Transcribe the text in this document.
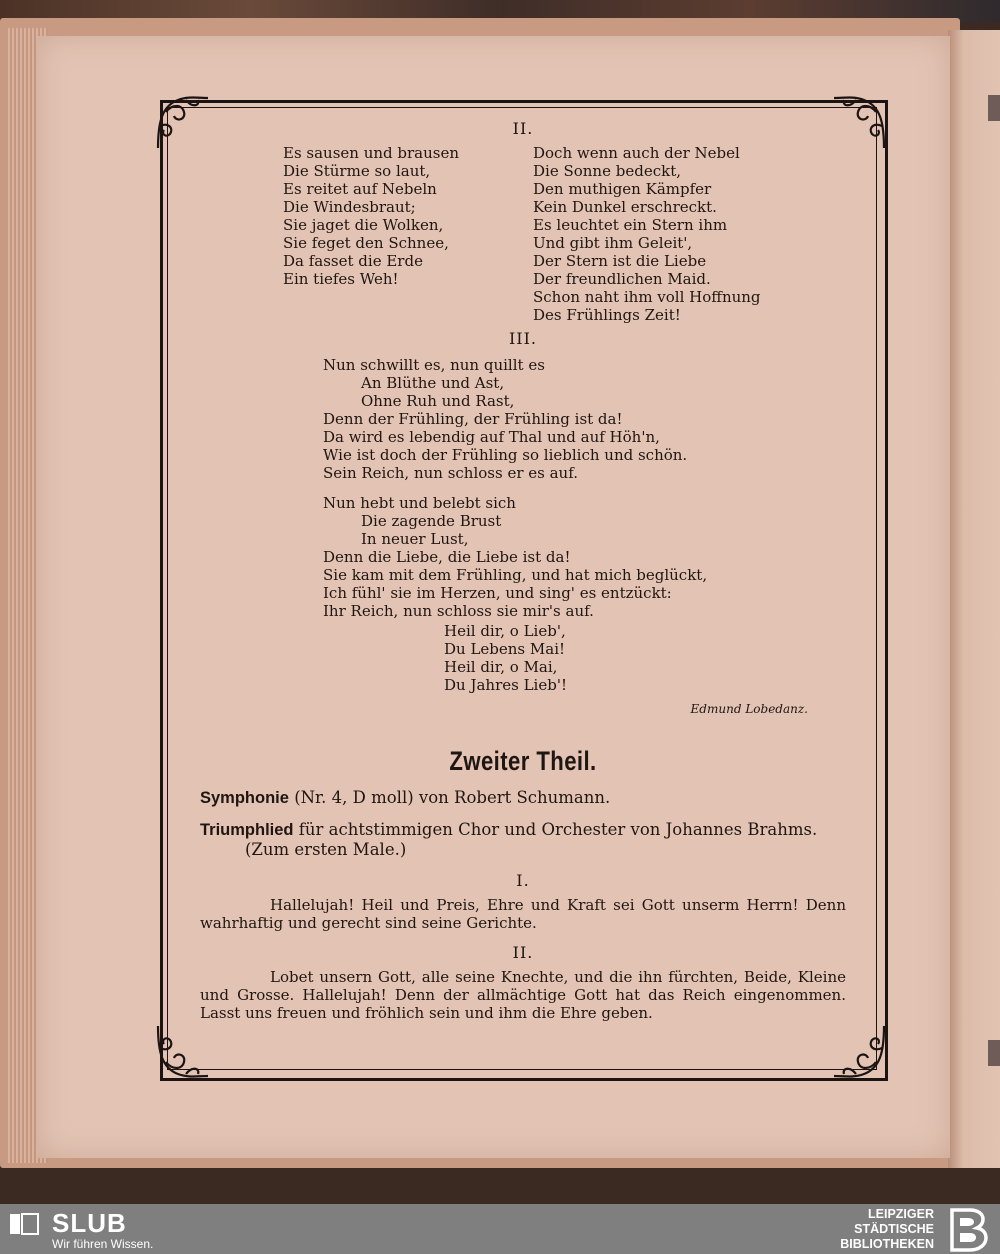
II.
Es sausen und brausen
Die Stürme so laut,
Es reitet auf Nebeln
Die Windesbraut;
Sie jaget die Wolken,
Sie feget den Schnee,
Da fasset die Erde
Ein tiefes Weh!
Doch wenn auch der Nebel
Die Sonne bedeckt,
Den muthigen Kämpfer
Kein Dunkel erschreckt.
Es leuchtet ein Stern ihm
Und gibt ihm Geleit',
Der Stern ist die Liebe
Der freundlichen Maid.
Schon naht ihm voll Hoffnung
Des Frühlings Zeit!
III.
Nun schwillt es, nun quillt es
An Blüthe und Ast,
Ohne Ruh und Rast,
Denn der Frühling, der Frühling ist da!
Da wird es lebendig auf Thal und auf Höh'n,
Wie ist doch der Frühling so lieblich und schön.
Sein Reich, nun schloss er es auf.
Nun hebt und belebt sich
Die zagende Brust
In neuer Lust,
Denn die Liebe, die Liebe ist da!
Sie kam mit dem Frühling, und hat mich beglückt,
Ich fühl' sie im Herzen, und sing' es entzückt:
Ihr Reich, nun schloss sie mir's auf.
Heil dir, o Lieb',
Du Lebens Mai!
Heil dir, o Mai,
Du Jahres Lieb'!
Edmund Lobedanz.
Zweiter Theil.
Symphonie (Nr. 4, D moll) von Robert Schumann.
Triumphlied für achtstimmigen Chor und Orchester von Johannes Brahms.
(Zum ersten Male.)
I.
Hallelujah! Heil und Preis, Ehre und Kraft sei Gott unserm Herrn! Denn wahrhaftig und gerecht sind seine Gerichte.
II.
Lobet unsern Gott, alle seine Knechte, und die ihn fürchten, Beide, Kleine und Grosse. Hallelujah! Denn der allmächtige Gott hat das Reich eingenommen. Lasst uns freuen und fröhlich sein und ihm die Ehre geben.
SLUB
Wir führen Wissen.
LEIPZIGER
STÄDTISCHE
BIBLIOTHEKEN
